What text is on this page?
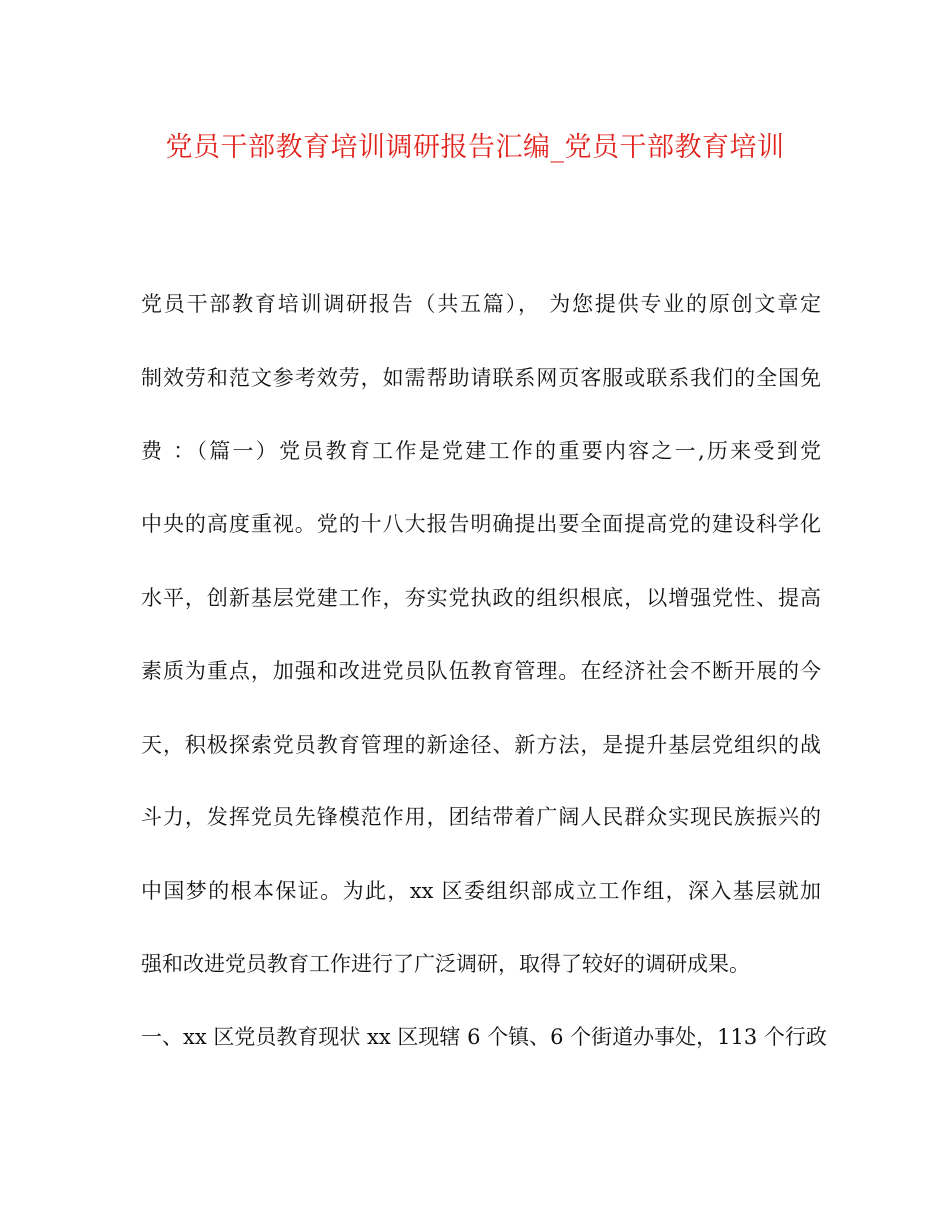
党员干部教育培训调研报告汇编_党员干部教育培训
党员干部教育培训调研报告（共五篇）， 为您提供专业的原创文章定
制效劳和范文参考效劳，如需帮助请联系网页客服或联系我们的全国免
费 ：（篇一）党员教育工作是党建工作的重要内容之一,历来受到党
中央的高度重视。党的十八大报告明确提出要全面提高党的建设科学化
水平，创新基层党建工作，夯实党执政的组织根底，以增强党性、提高
素质为重点，加强和改进党员队伍教育管理。在经济社会不断开展的今
天，积极探索党员教育管理的新途径、新方法，是提升基层党组织的战
斗力，发挥党员先锋模范作用，团结带着广阔人民群众实现民族振兴的
中国梦的根本保证。为此，xx 区委组织部成立工作组，深入基层就加
强和改进党员教育工作进行了广泛调研，取得了较好的调研成果。
一、xx 区党员教育现状 xx 区现辖 6 个镇、6 个街道办事处，113 个行政
